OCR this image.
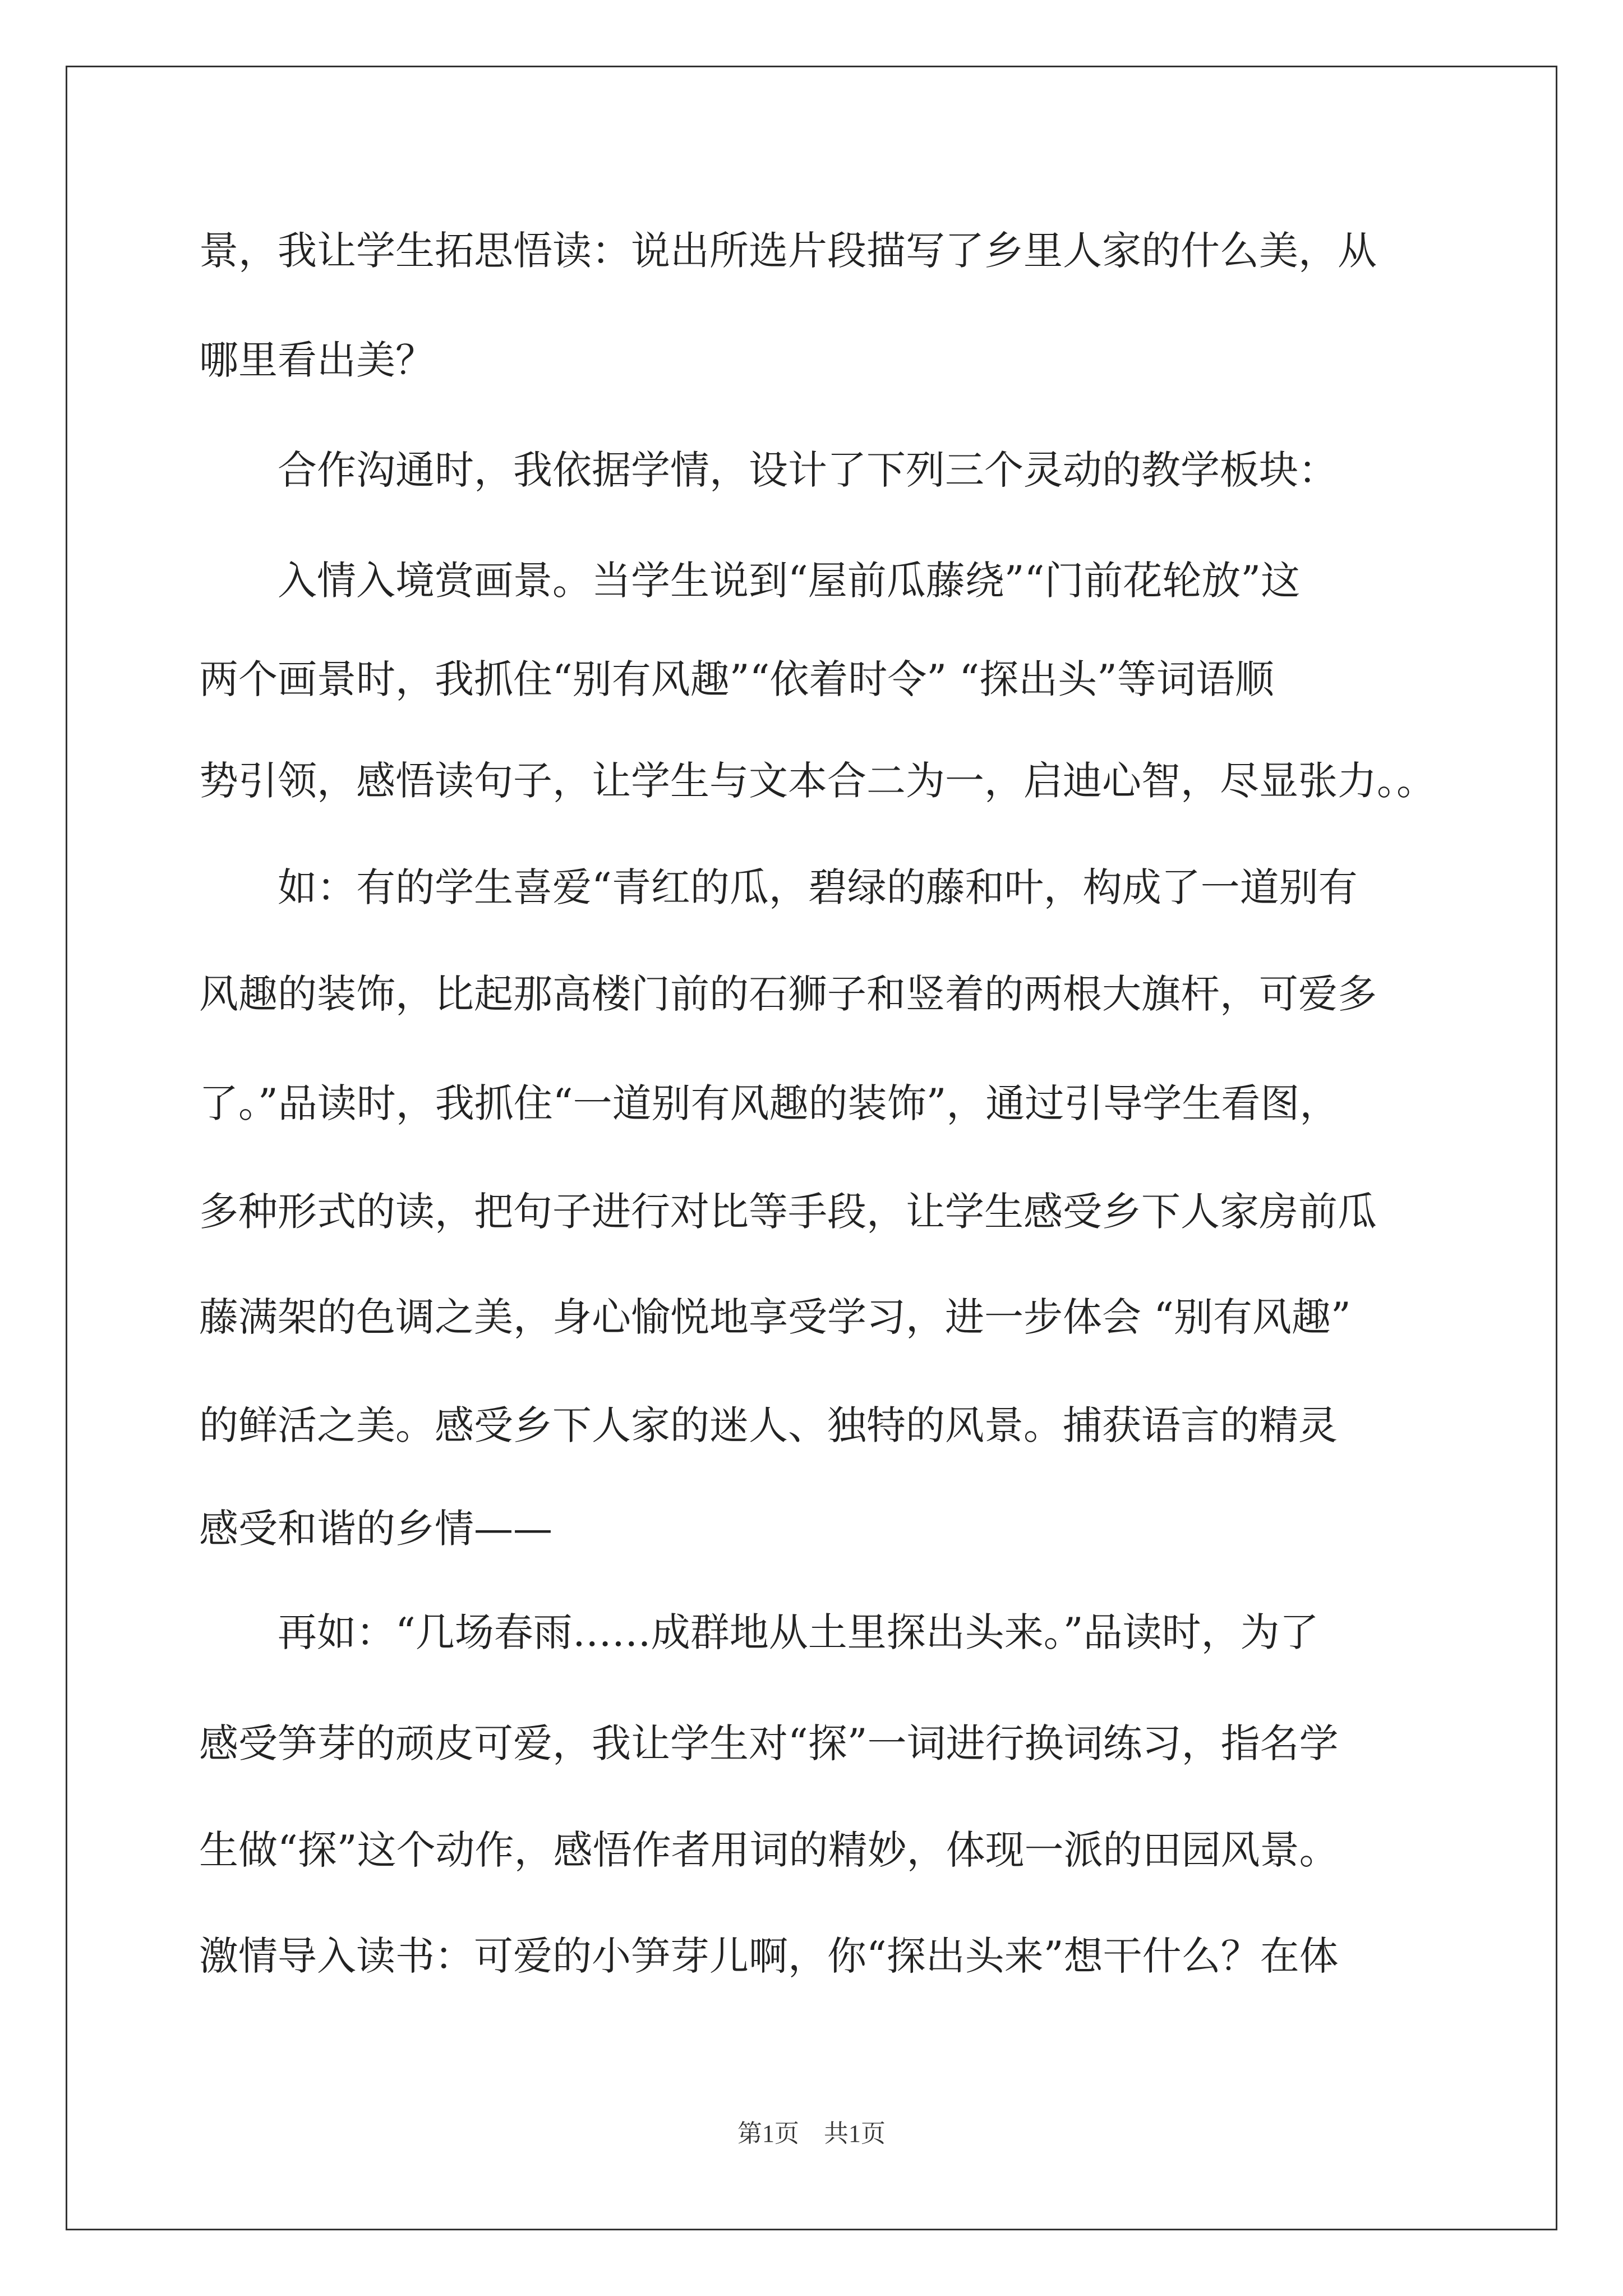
景，我让学生拓思悟读：说出所选片段描写了乡里人家的什么美，从
哪里看出美？
合作沟通时，我依据学情，设计了下列三个灵动的教学板块：
入情入境赏画景。当学生说到“屋前瓜藤绕”“门前花轮放”这
两个画景时，我抓住“别有风趣”“依着时令” “探出头”等词语顺
势引领，感悟读句子，让学生与文本合二为一，启迪心智，尽显张力。。
如：有的学生喜爱“青红的瓜，碧绿的藤和叶，构成了一道别有
风趣的装饰，比起那高楼门前的石狮子和竖着的两根大旗杆，可爱多
了。”品读时，我抓住“一道别有风趣的装饰”，通过引导学生看图，
多种形式的读，把句子进行对比等手段，让学生感受乡下人家房前瓜
藤满架的色调之美，身心愉悦地享受学习，进一步体会 “别有风趣”
的鲜活之美。感受乡下人家的迷人、独特的风景。捕获语言的精灵
感受和谐的乡情——
再如：“几场春雨……成群地从土里探出头来。”品读时，为了
感受笋芽的顽皮可爱，我让学生对“探”一词进行换词练习，指名学
生做“探”这个动作，感悟作者用词的精妙，体现一派的田园风景。
激情导入读书：可爱的小笋芽儿啊，你“探出头来”想干什么？在体
第1页　共1页
